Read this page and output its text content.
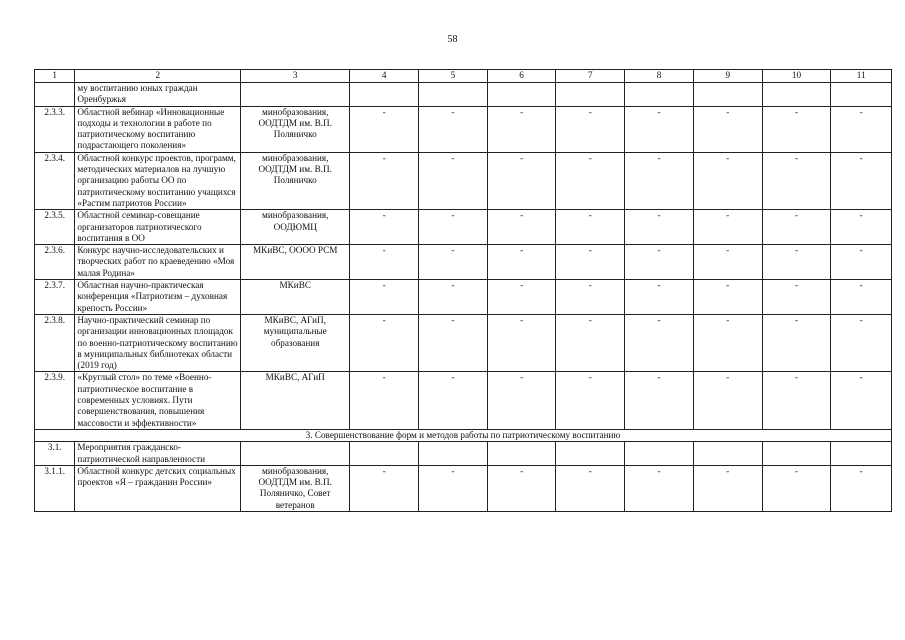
58
1	2	3	4	5	6	7	8	9	10	11
	му воспитанию юных граждан Оренбуржья									
2.3.3.	Областной вебинар «Инновационные подходы и технологии в работе по патриотическому воспитанию подрастающего поколения»	минобразования, ООДТДМ им. В.П. Поляничко	-	-	-	-	-	-	-	-
2.3.4.	Областной конкурс проектов, программ, методических материалов на лучшую организацию работы ОО по патриотическому воспитанию учащихся «Растим патриотов России»	минобразования, ООДТДМ им. В.П. Поляничко	-	-	-	-	-	-	-	-
2.3.5.	Областной семинар-совещание организаторов патриотического воспитания в ОО	минобразования, ООДЮМЦ	-	-	-	-	-	-	-	-
2.3.6.	Конкурс научно-исследовательских и творческих работ по краеведению «Моя малая Родина»	МКиВС, ОООО РСМ	-	-	-	-	-	-	-	-
2.3.7.	Областная научно-практическая конференция «Патриотизм – духовная крепость России»	МКиВС	-	-	-	-	-	-	-	-
2.3.8.	Научно-практический семинар по организации инновационных площадок по военно-патриотическому воспитанию в муниципальных библиотеках области (2019 год)	МКиВС, АГиП, муниципальные образования	-	-	-	-	-	-	-	-
2.3.9.	«Круглый стол» по теме «Военно-патриотическое воспитание в современных условиях. Пути совершенствования, повышения массовости и эффективности»	МКиВС, АГиП	-	-	-	-	-	-	-	-
3. Совершенствование форм и методов работы по патриотическому воспитанию										
3.1.	Мероприятия гражданско-патриотической направленности									
3.1.1.	Областной конкурс детских социальных проектов «Я – гражданин России»	минобразования, ООДТДМ им. В.П. Поляничко, Совет ветеранов	-	-	-	-	-	-	-	-
